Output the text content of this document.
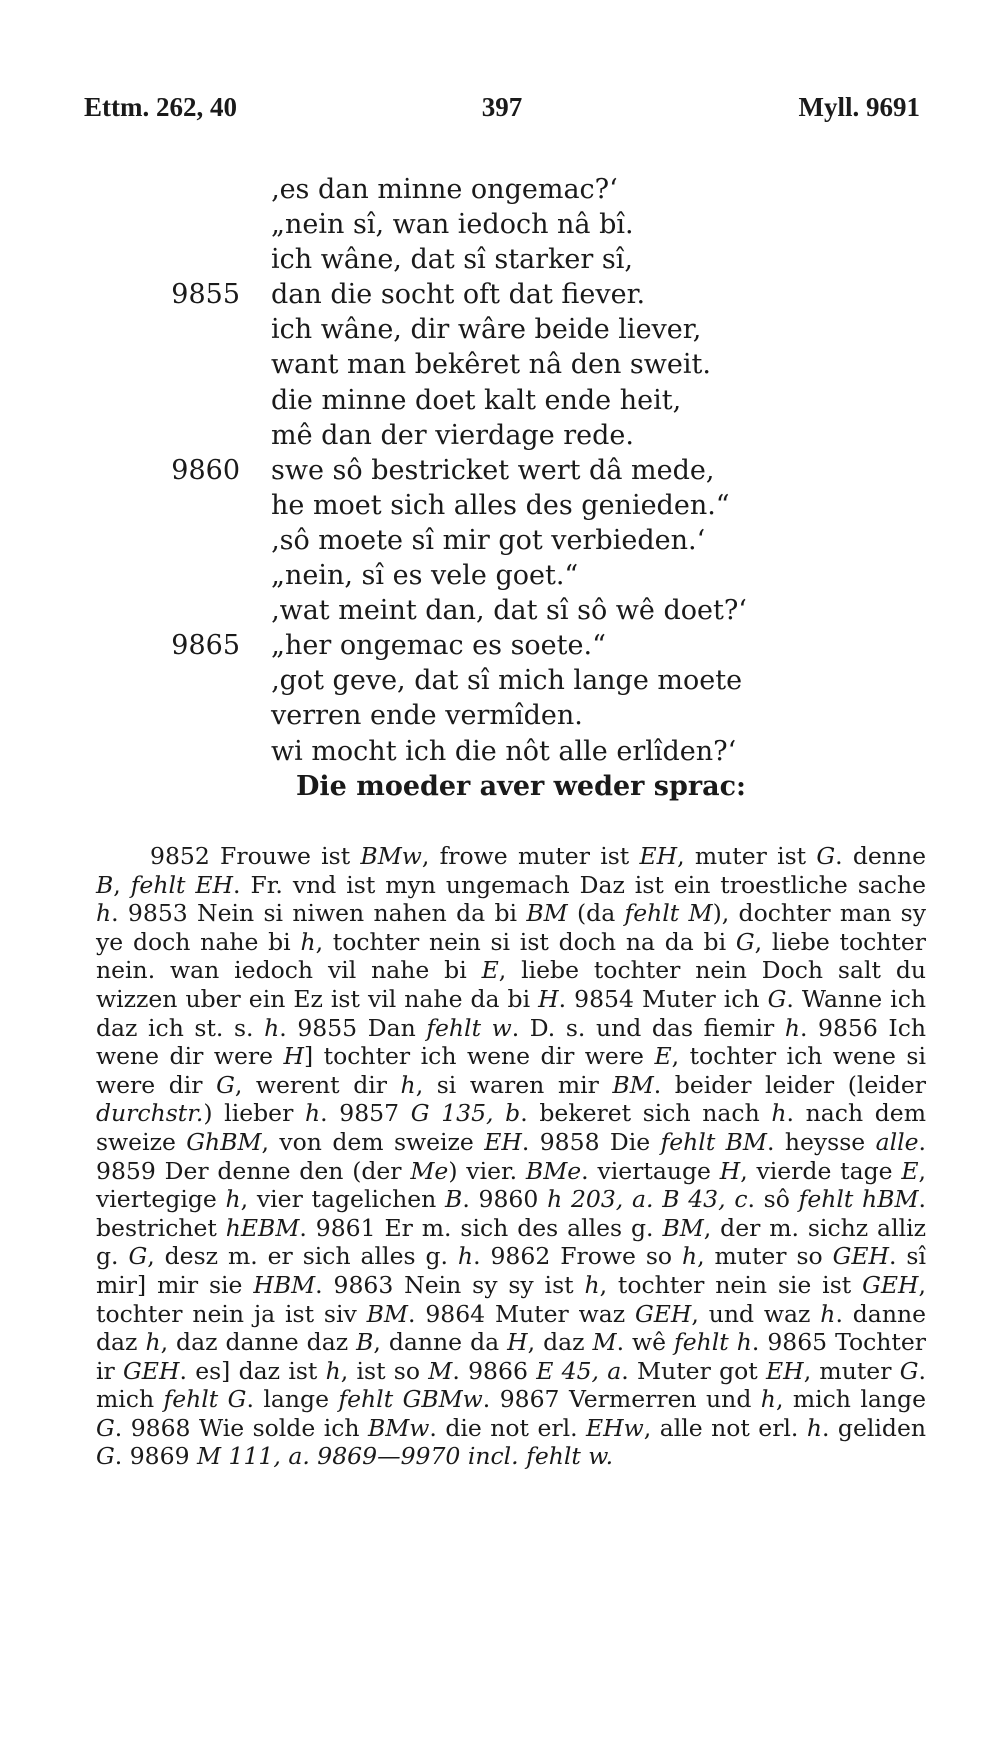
Ettm. 262, 40	397	Myll. 9691
‚es dan minne ongemac?‘
„nein sî, wan iedoch nâ bî.
ich wâne, dat sî starker sî,
9855 dan die socht oft dat fiever.
ich wâne, dir wâre beide liever,
want man bekêret nâ den sweit.
die minne doet kalt ende heit,
mê dan der vierdage rede.
9860 swe sô bestricket wert dâ mede,
he moet sich alles des genieden.“
‚sô moete sî mir got verbieden.‘
„nein, sî es vele goet.“
‚wat meint dan, dat sî sô wê doet?‘
9865 „her ongemac es soete.“
‚got geve, dat sî mich lange moete
verren ende vermîden.
wi mocht ich die nôt alle erlîden?‘
Die moeder aver weder sprac:

9852 Frouwe ist BMw, frowe muter ist EH, muter ist G. denne B, fehlt EH. Fr. vnd ist myn ungemach Daz ist ein troestliche sache h. 9853 Nein si niwen nahen da bi BM (da fehlt M), dochter man sy ye doch nahe bi h, tochter nein si ist doch na da bi G, liebe tochter nein. wan iedoch vil nahe bi E, liebe tochter nein Doch salt du wizzen uber ein Ez ist vil nahe da bi H. 9854 Muter ich G. Wanne ich daz ich st. s. h. 9855 Dan fehlt w. D. s. und das fiemir h. 9856 Ich wene dir were H] tochter ich wene dir were E, tochter ich wene si were dir G, werent dir h, si waren mir BM. beider leider (leider durchstr.) lieber h. 9857 G 135, b. bekeret sich nach h. nach dem sweize GhBM, von dem sweize EH. 9858 Die fehlt BM. heysse alle. 9859 Der denne den (der Me) vier. BMe. viertauge H, vierde tage E, viertegige h, vier tagelichen B. 9860 h 203, a. B 43, c. sô fehlt hBM. bestrichet hEBM. 9861 Er m. sich des alles g. BM, der m. sichz alliz g. G, desz m. er sich alles g. h. 9862 Frowe so h, muter so GEH. sî mir] mir sie HBM. 9863 Nein sy sy ist h, tochter nein sie ist GEH, tochter nein ja ist siv BM. 9864 Muter waz GEH, und waz h. danne daz h, daz danne daz B, danne da H, daz M. wê fehlt h. 9865 Tochter ir GEH. es] daz ist h, ist so M. 9866 E 45, a. Muter got EH, muter G. mich fehlt G. lange fehlt GBMw. 9867 Vermerren und h, mich lange G. 9868 Wie solde ich BMw. die not erl. EHw, alle not erl. h. geliden G. 9869 M 111, a. 9869—9970 incl. fehlt w.
